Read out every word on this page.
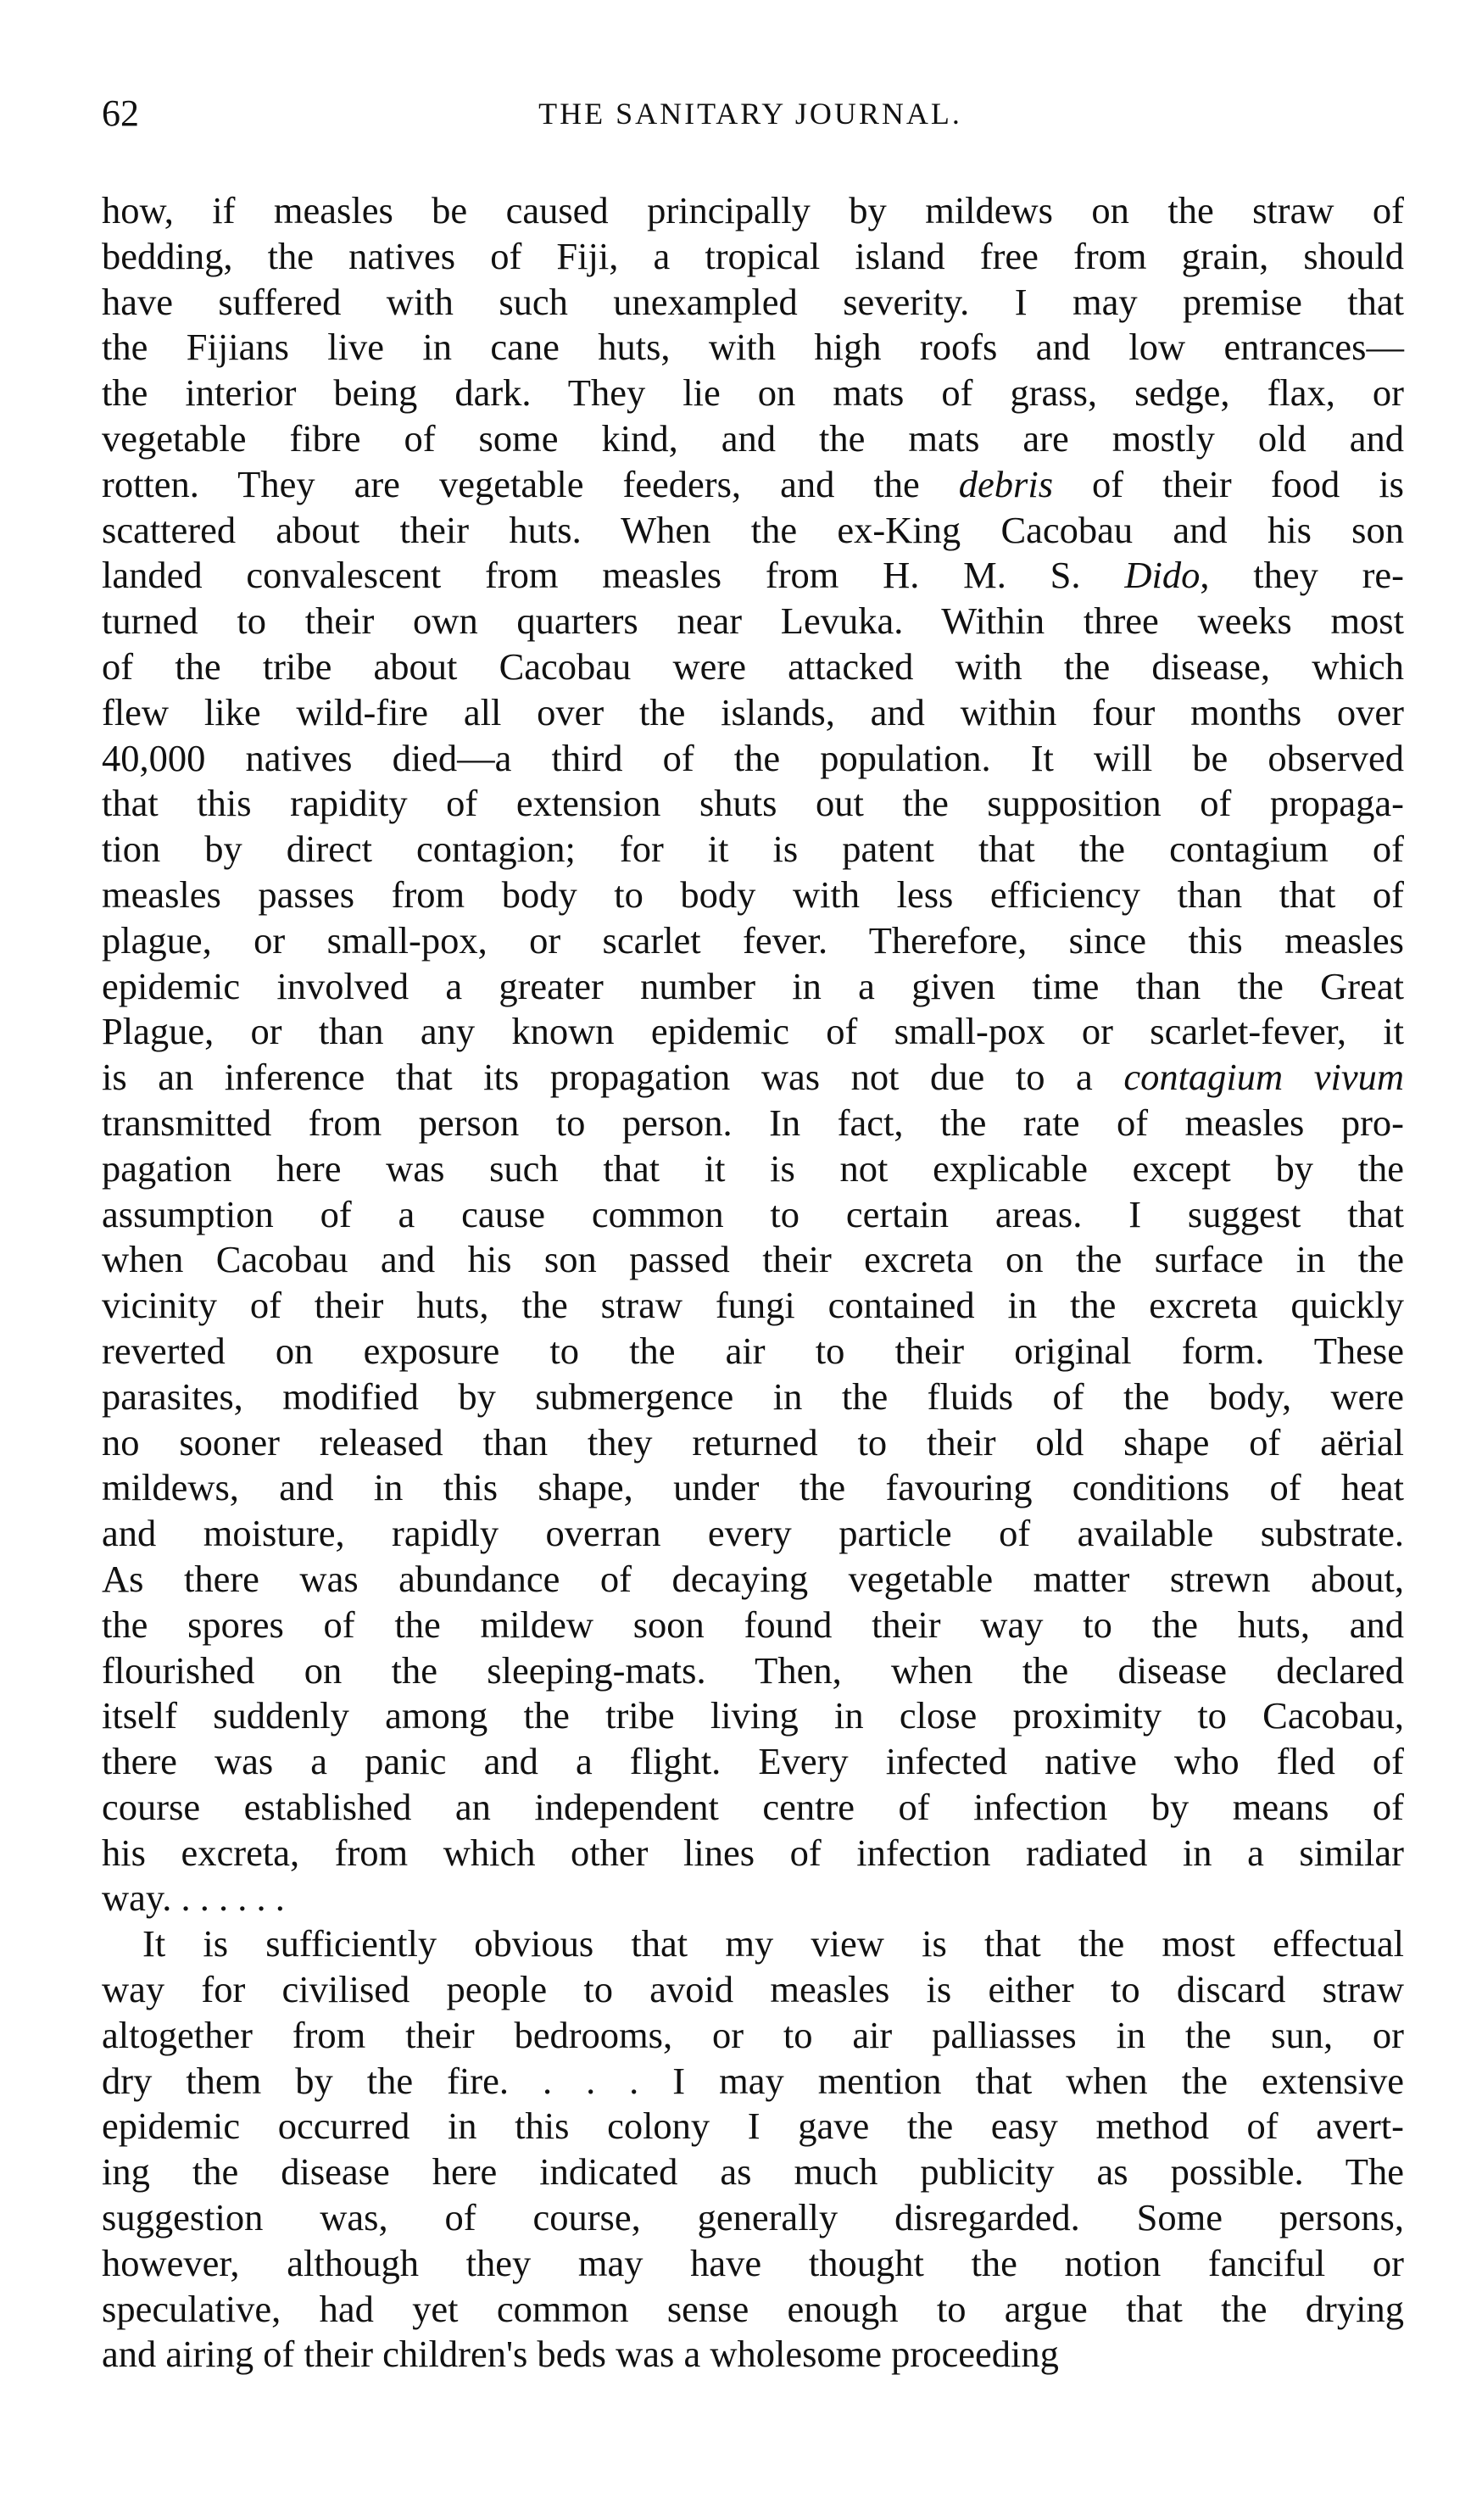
62	THE SANITARY JOURNAL.
how, if measles be caused principally by mildews on the straw of
bedding, the natives of Fiji, a tropical island free from grain, should
have suffered with such unexampled severity. I may premise that
the Fijians live in cane huts, with high roofs and low entrances—
the interior being dark. They lie on mats of grass, sedge, flax, or
vegetable fibre of some kind, and the mats are mostly old and
rotten. They are vegetable feeders, and the debris of their food is
scattered about their huts. When the ex-King Cacobau and his son
landed convalescent from measles from H. M. S. Dido, they re-
turned to their own quarters near Levuka. Within three weeks most
of the tribe about Cacobau were attacked with the disease, which
flew like wild-fire all over the islands, and within four months over
40,000 natives died—a third of the population. It will be observed
that this rapidity of extension shuts out the supposition of propaga-
tion by direct contagion; for it is patent that the contagium of
measles passes from body to body with less efficiency than that of
plague, or small-pox, or scarlet fever. Therefore, since this measles
epidemic involved a greater number in a given time than the Great
Plague, or than any known epidemic of small-pox or scarlet-fever, it
is an inference that its propagation was not due to a contagium vivum
transmitted from person to person. In fact, the rate of measles pro-
pagation here was such that it is not explicable except by the
assumption of a cause common to certain areas. I suggest that
when Cacobau and his son passed their excreta on the surface in the
vicinity of their huts, the straw fungi contained in the excreta quickly
reverted on exposure to the air to their original form. These
parasites, modified by submergence in the fluids of the body, were
no sooner released than they returned to their old shape of aërial
mildews, and in this shape, under the favouring conditions of heat
and moisture, rapidly overran every particle of available substrate.
As there was abundance of decaying vegetable matter strewn about,
the spores of the mildew soon found their way to the huts, and
flourished on the sleeping-mats. Then, when the disease declared
itself suddenly among the tribe living in close proximity to Cacobau,
there was a panic and a flight. Every infected native who fled of
course established an independent centre of infection by means of
his excreta, from which other lines of infection radiated in a similar
way. . . . . . .
It is sufficiently obvious that my view is that the most effectual
way for civilised people to avoid measles is either to discard straw
altogether from their bedrooms, or to air palliasses in the sun, or
dry them by the fire. . . . I may mention that when the extensive
epidemic occurred in this colony I gave the easy method of avert-
ing the disease here indicated as much publicity as possible. The
suggestion was, of course, generally disregarded. Some persons,
however, although they may have thought the notion fanciful or
speculative, had yet common sense enough to argue that the drying
and airing of their children's beds was a wholesome proceeding
